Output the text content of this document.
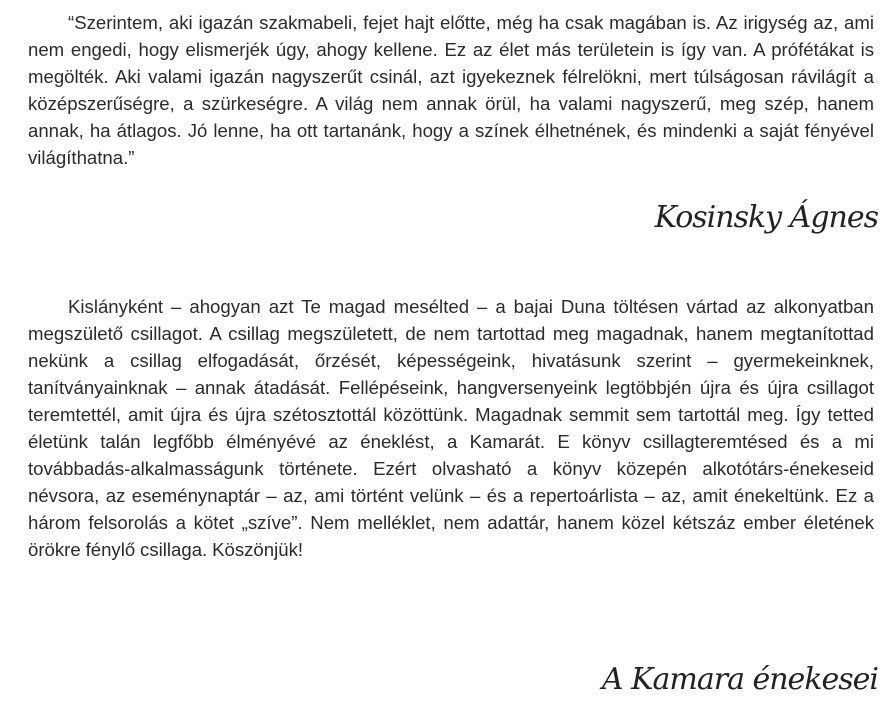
“Szerintem, aki igazán szakmabeli, fejet hajt előtte, még ha csak magában is. Az irigység az, ami nem engedi, hogy elismerjék úgy, ahogy kellene. Ez az élet más területein is így van. A prófétákat is megölték. Aki valami igazán nagyszerűt csinál, azt igyekeznek félrelökni, mert túlságosan rávilágít a középszerűségre, a szürkeségre. A világ nem annak örül, ha valami nagyszerű, meg szép, hanem annak, ha átlagos. Jó lenne, ha ott tartanánk, hogy a színek élhetnének, és mindenki a saját fényével világíthatna.”

Kosinsky Ágnes

Kislányként – ahogyan azt Te magad mesélted – a bajai Duna töltésen vártad az alkonyatban megszülető csillagot. A csillag megszületett, de nem tartottad meg magadnak, hanem megtanítottad nekünk a csillag elfogadását, őrzését, képességeink, hivatásunk szerint – gyermekeinknek, tanítványainknak – annak átadását. Fellépéseink, hangversenyeink legtöbbjén újra és újra csillagot teremtettél, amit újra és újra szétosztottál közöttünk. Magadnak semmit sem tartottál meg. Így tetted életünk talán legfőbb élményévé az éneklést, a Kamarát. E könyv csillagteremtésed és a mi továbbadás-alkalmasságunk története. Ezért olvasható a könyv közepén alkotótárs-énekeseid névsora, az eseménynaptár – az, ami történt velünk – és a repertoárlista – az, amit énekeltünk. Ez a három felsorolás a kötet „szíve”. Nem melléklet, nem adattár, hanem közel kétszáz ember életének örökre fénylő csillaga. Köszönjük!

A Kamara énekesei
